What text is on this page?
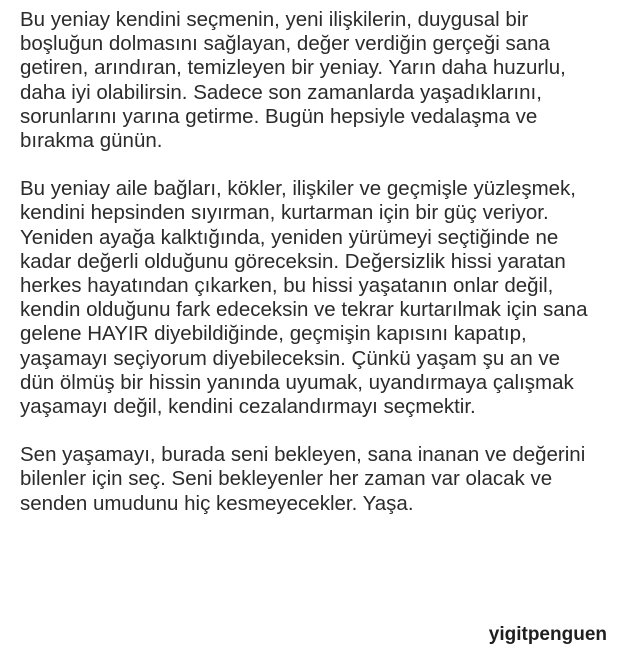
Bu yeniay kendini seçmenin, yeni ilişkilerin, duygusal bir
boşluğun dolmasını sağlayan, değer verdiğin gerçeği sana
getiren, arındıran, temizleyen bir yeniay. Yarın daha huzurlu,
daha iyi olabilirsin. Sadece son zamanlarda yaşadıklarını,
sorunlarını yarına getirme. Bugün hepsiyle vedalaşma ve
bırakma günün.
Bu yeniay aile bağları, kökler, ilişkiler ve geçmişle yüzleşmek,
kendini hepsinden sıyırman, kurtarman için bir güç veriyor.
Yeniden ayağa kalktığında, yeniden yürümeyi seçtiğinde ne
kadar değerli olduğunu göreceksin. Değersizlik hissi yaratan
herkes hayatından çıkarken, bu hissi yaşatanın onlar değil,
kendin olduğunu fark edeceksin ve tekrar kurtarılmak için sana
gelene HAYIR diyebildiğinde, geçmişin kapısını kapatıp,
yaşamayı seçiyorum diyebileceksin. Çünkü yaşam şu an ve
dün ölmüş bir hissin yanında uyumak, uyandırmaya çalışmak
yaşamayı değil, kendini cezalandırmayı seçmektir.
Sen yaşamayı, burada seni bekleyen, sana inanan ve değerini
bilenler için seç. Seni bekleyenler her zaman var olacak ve
senden umudunu hiç kesmeyecekler. Yaşa.
yigitpenguen
